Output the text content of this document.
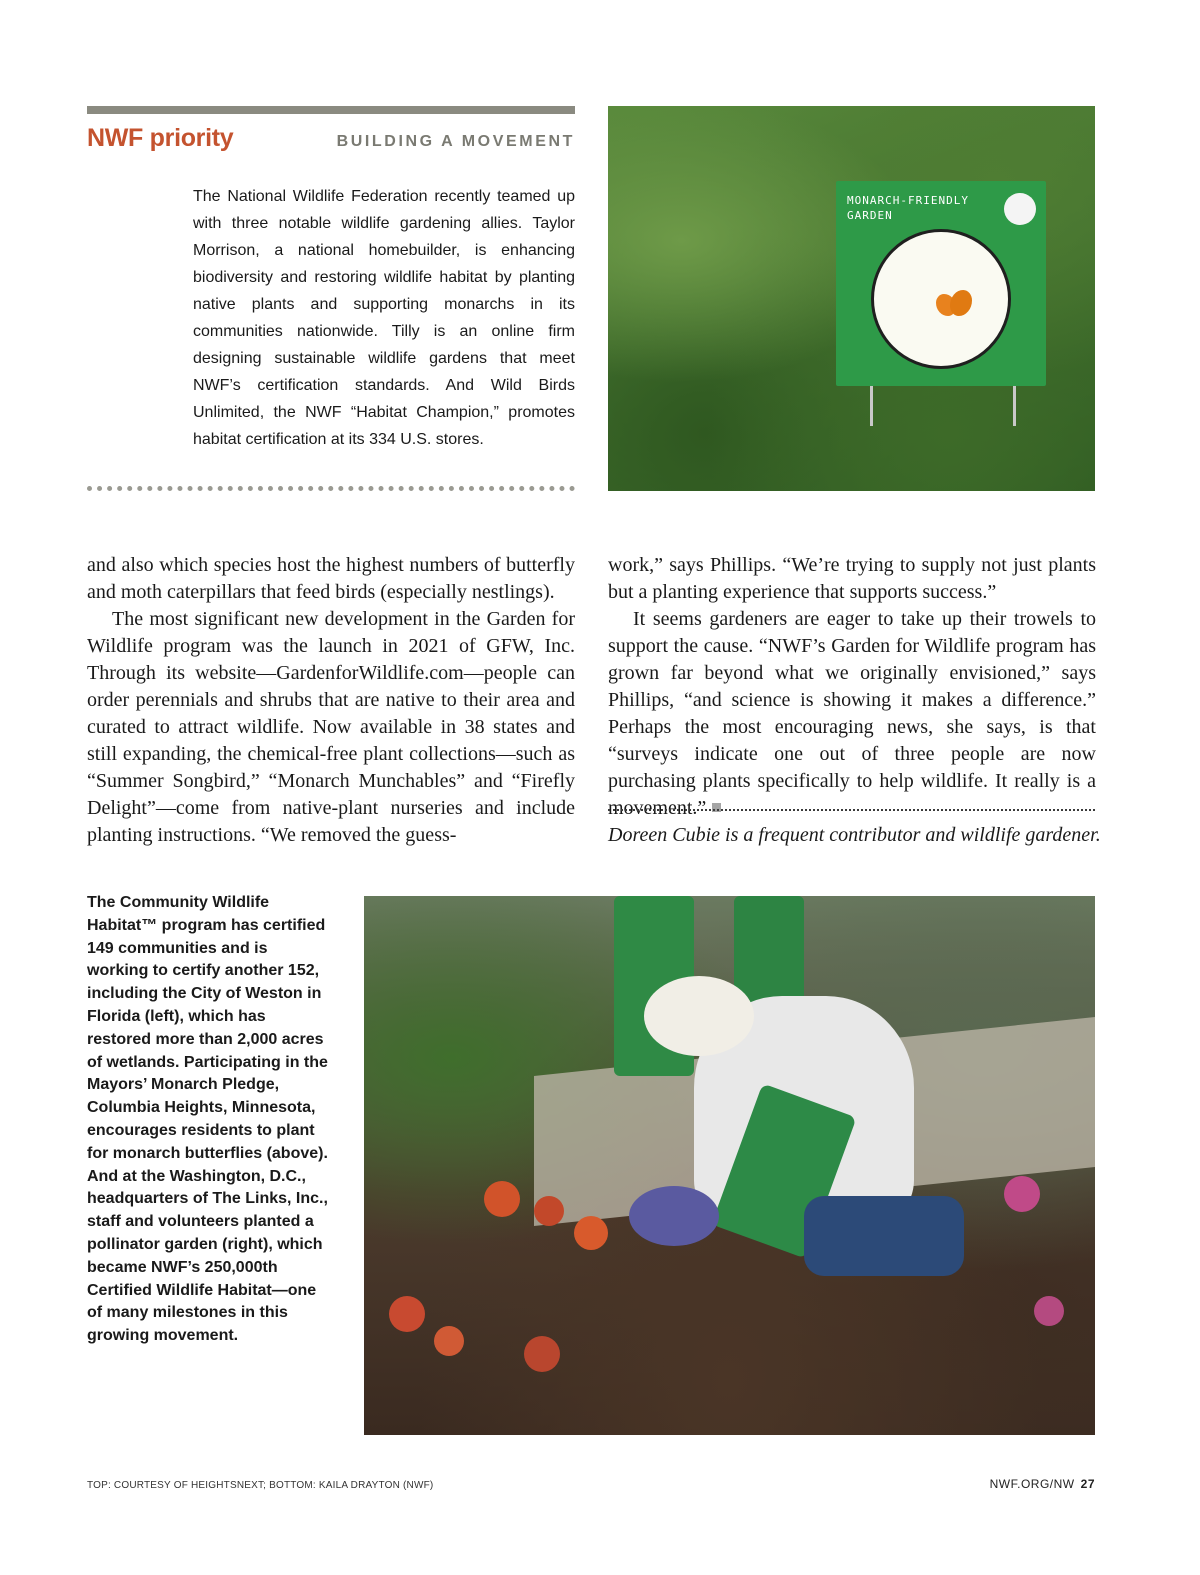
NWF priority	BUILDING A MOVEMENT

The National Wildlife Federation recently teamed up with three notable wildlife gardening allies. Taylor Morrison, a national homebuilder, is enhancing biodiversity and restoring wildlife habitat by planting native plants and supporting monarchs in its communities nationwide. Tilly is an online firm designing sustainable wildlife gardens that meet NWF’s certification standards. And Wild Birds Unlimited, the NWF “Habitat Champion,” promotes habitat certification at its 334 U.S. stores.

MONARCH-FRIENDLY GARDEN

and also which species host the highest numbers of butterfly and moth caterpillars that feed birds (especially nestlings).

The most significant new development in the Garden for Wildlife program was the launch in 2021 of GFW, Inc. Through its website—GardenforWildlife.com—people can order perennials and shrubs that are native to their area and curated to attract wildlife. Now available in 38 states and still expanding, the chemical-free plant collections—such as “Summer Songbird,” “Monarch Munchables” and “Firefly Delight”—come from native-plant nurseries and include planting instructions. “We removed the guess-

work,” says Phillips. “We’re trying to supply not just plants but a planting experience that supports success.”

It seems gardeners are eager to take up their trowels to support the cause. “NWF’s Garden for Wildlife program has grown far beyond what we originally envisioned,” says Phillips, “and science is showing it makes a difference.” Perhaps the most encouraging news, she says, is that “surveys indicate one out of three people are now purchasing plants specifically to help wildlife. It really is a movement.”

Doreen Cubie is a frequent contributor and wildlife gardener.

The Community Wildlife Habitat™ program has certified 149 communities and is working to certify another 152, including the City of Weston in Florida (left), which has restored more than 2,000 acres of wetlands. Participating in the Mayors’ Monarch Pledge, Columbia Heights, Minnesota, encourages residents to plant for monarch butterflies (above). And at the Washington, D.C., headquarters of The Links, Inc., staff and volunteers planted a pollinator garden (right), which became NWF’s 250,000th Certified Wildlife Habitat—one of many milestones in this growing movement.

TOP: COURTESY OF HEIGHTSNEXT; BOTTOM: KAILA DRAYTON (NWF)	NWF.ORG/NW 27
